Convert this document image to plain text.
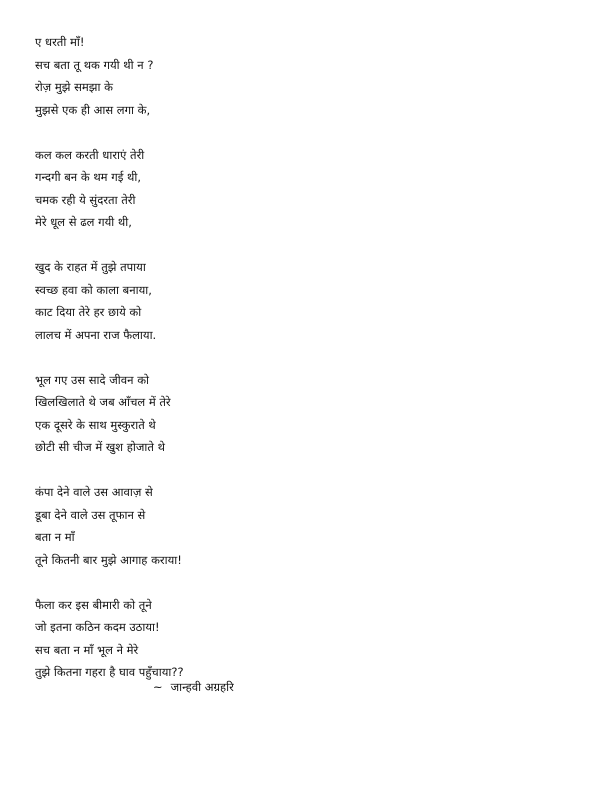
ए धरती माँ!
सच बता तू थक गयी थी न ?
रोज़ मुझे समझा के
मुझसे एक ही आस लगा के,
कल कल करती धाराएं तेरी
गन्दगी बन के थम गई थी,
चमक रही ये सुंदरता तेरी
मेरे धूल से ढल गयी थी,
खुद के राहत में तुझे तपाया
स्वच्छ हवा को काला बनाया,
काट दिया तेरे हर छाये को
लालच में अपना राज फैलाया.
भूल गए उस सादे जीवन को
खिलखिलाते थे जब आँचल में तेरे
एक दूसरे के साथ मुस्कुराते थे
छोटी सी चीज में खुश होजाते थे
कंपा देने वाले उस आवाज़ से
डूबा देने वाले उस तूफान से
बता न माँ
तूने कितनी बार मुझे आगाह कराया!
फैला कर इस बीमारी को तूने
जो इतना कठिन कदम उठाया!
सच बता न माँ भूल ने मेरे
तुझे कितना गहरा है घाव पहुँचाया??
~ जान्हवी अग्रहरि
